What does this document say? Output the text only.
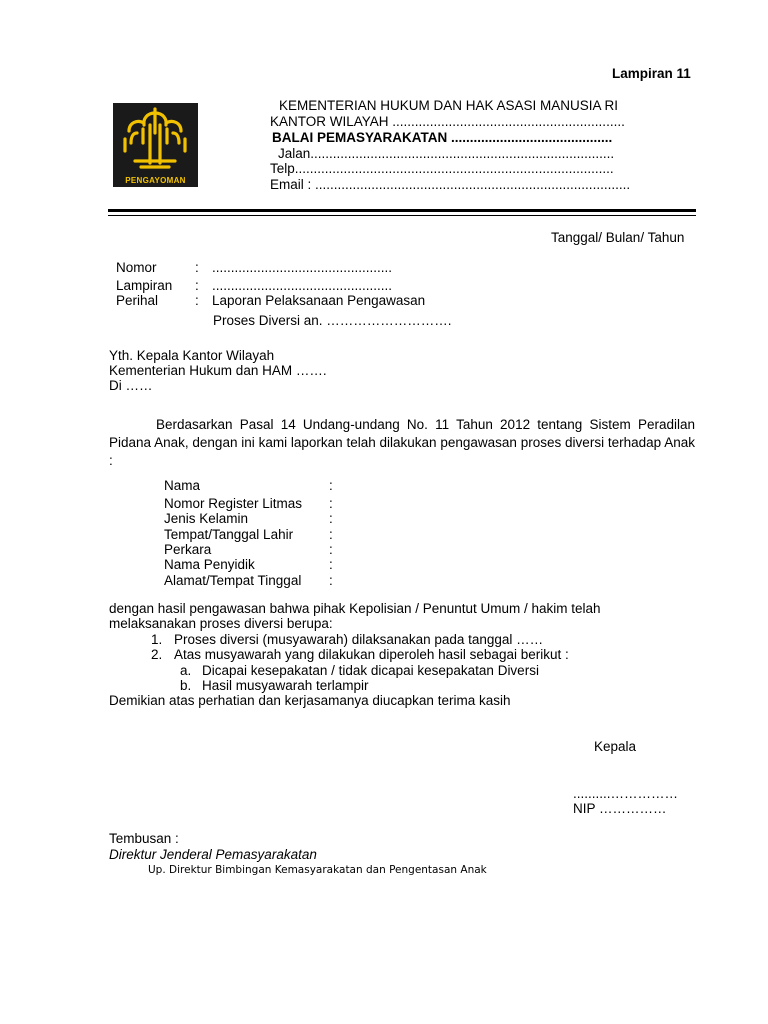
Lampiran 11
PENGAYOMAN
KEMENTERIAN HUKUM DAN HAK ASASI MANUSIA RI
KANTOR WILAYAH ..............................................................
BALAI PEMASYARAKATAN ...........................................
Jalan.................................................................................
Telp.....................................................................................
Email : ....................................................................................
Tanggal/ Bulan/ Tahun
Nomor	: ................................................
Lampiran : ................................................
Perihal	: Laporan Pelaksanaan Pengawasan
Proses Diversi an. ……………………….
Yth. Kepala Kantor Wilayah
Kementerian Hukum dan HAM …….
Di ……
Berdasarkan Pasal 14 Undang-undang No. 11 Tahun 2012 tentang Sistem Peradilan Pidana Anak, dengan ini kami laporkan telah dilakukan pengawasan proses diversi terhadap Anak :
Nama	:
Nomor Register Litmas :
Jenis Kelamin	:
Tempat/Tanggal Lahir	:
Perkara	:
Nama Penyidik	:
Alamat/Tempat Tinggal :
dengan hasil pengawasan bahwa pihak Kepolisian / Penuntut Umum / hakim telah
melaksanakan proses diversi berupa:
1. Proses diversi (musyawarah) dilaksanakan pada tanggal ……
2. Atas musyawarah yang dilakukan diperoleh hasil sebagai berikut :
a. Dicapai kesepakatan / tidak dicapai kesepakatan Diversi
b. Hasil musyawarah terlampir
Demikian atas perhatian dan kerjasamanya diucapkan terima kasih
Kepala
..........……………
NIP ……………
Tembusan :
Direktur Jenderal Pemasyarakatan
Up. Direktur Bimbingan Kemasyarakatan dan Pengentasan Anak
